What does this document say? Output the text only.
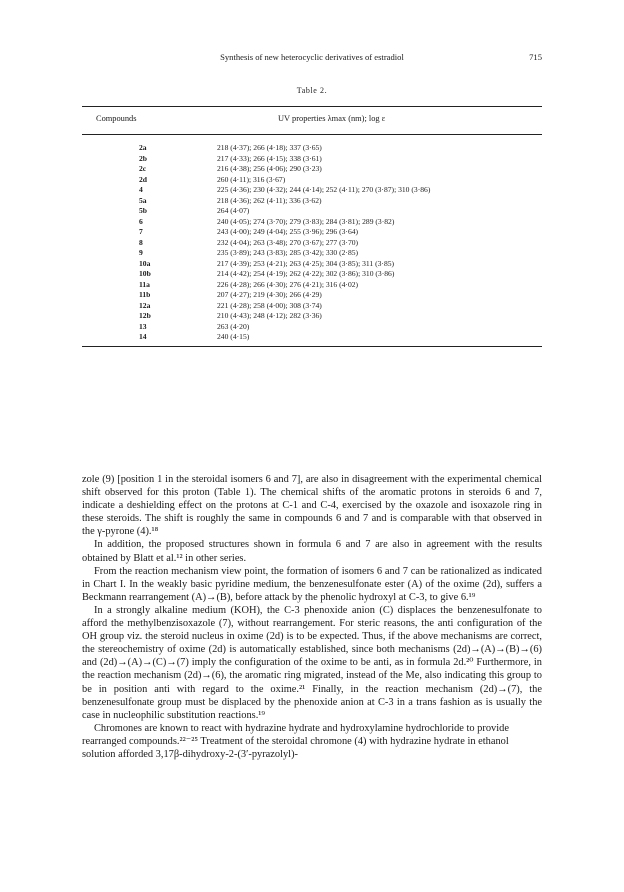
Synthesis of new heterocyclic derivatives of estradiol	715
Table 2.
Compounds	UV properties λmax (nm); log ε
2a	218 (4·37); 266 (4·18); 337 (3·65)
2b	217 (4·33); 266 (4·15); 338 (3·61)
2c	216 (4·38); 256 (4·06); 290 (3·23)
2d	260 (4·11); 316 (3·67)
4	225 (4·36); 230 (4·32); 244 (4·14); 252 (4·11); 270 (3·87); 310 (3·86)
5a	218 (4·36); 262 (4·11); 336 (3·62)
5b	264 (4·07)
6	240 (4·05); 274 (3·70); 279 (3·83); 284 (3·81); 289 (3·82)
7	243 (4·00); 249 (4·04); 255 (3·96); 296 (3·64)
8	232 (4·04); 263 (3·48); 270 (3·67); 277 (3·70)
9	235 (3·89); 243 (3·83); 285 (3·42); 330 (2·85)
10a	217 (4·39); 253 (4·21); 263 (4·25); 304 (3·85); 311 (3·85)
10b	214 (4·42); 254 (4·19); 262 (4·22); 302 (3·86); 310 (3·86)
11a	226 (4·28); 266 (4·30); 276 (4·21); 316 (4·02)
11b	207 (4·27); 219 (4·30); 266 (4·29)
12a	221 (4·28); 258 (4·00); 308 (3·74)
12b	210 (4·43); 248 (4·12); 282 (3·36)
13	263 (4·20)
14	240 (4·15)

zole (9) [position 1 in the steroidal isomers 6 and 7], are also in disagreement with the experimental chemical shift observed for this proton (Table 1). The chemical shifts of the aromatic protons in steroids 6 and 7, indicate a deshielding effect on the protons at C-1 and C-4, exercised by the oxazole and isoxazole ring in these steroids. The shift is roughly the same in compounds 6 and 7 and is comparable with that observed in the γ-pyrone (4).¹⁸

In addition, the proposed structures shown in formula 6 and 7 are also in agreement with the results obtained by Blatt et al.¹² in other series.

From the reaction mechanism view point, the formation of isomers 6 and 7 can be rationalized as indicated in Chart I. In the weakly basic pyridine medium, the benzenesulfonate ester (A) of the oxime (2d), suffers a Beckmann rearrangement (A)→(B), before attack by the phenolic hydroxyl at C-3, to give 6.¹⁹

In a strongly alkaline medium (KOH), the C-3 phenoxide anion (C) displaces the benzenesulfonate to afford the methylbenzisoxazole (7), without rearrangement. For steric reasons, the anti configuration of the OH group viz. the steroid nucleus in oxime (2d) is to be expected. Thus, if the above mechanisms are correct, the stereochemistry of oxime (2d) is automatically established, since both mechanisms (2d)→(A)→(B)→(6) and (2d)→(A)→(C)→(7) imply the configuration of the oxime to be anti, as in formula 2d.²⁰ Furthermore, in the reaction mechanism (2d)→(6), the aromatic ring migrated, instead of the Me, also indicating this group to be in position anti with regard to the oxime.²¹ Finally, in the reaction mechanism (2d)→(7), the benzenesulfonate group must be displaced by the phenoxide anion at C-3 in a trans fashion as is usually the case in nucleophilic substitution reactions.¹⁹

Chromones are known to react with hydrazine hydrate and hydroxylamine hydrochloride to provide rearranged compounds.²²⁻²⁵ Treatment of the steroidal chromone (4) with hydrazine hydrate in ethanol solution afforded 3,17β-dihydroxy-2-(3′-pyrazolyl)-
